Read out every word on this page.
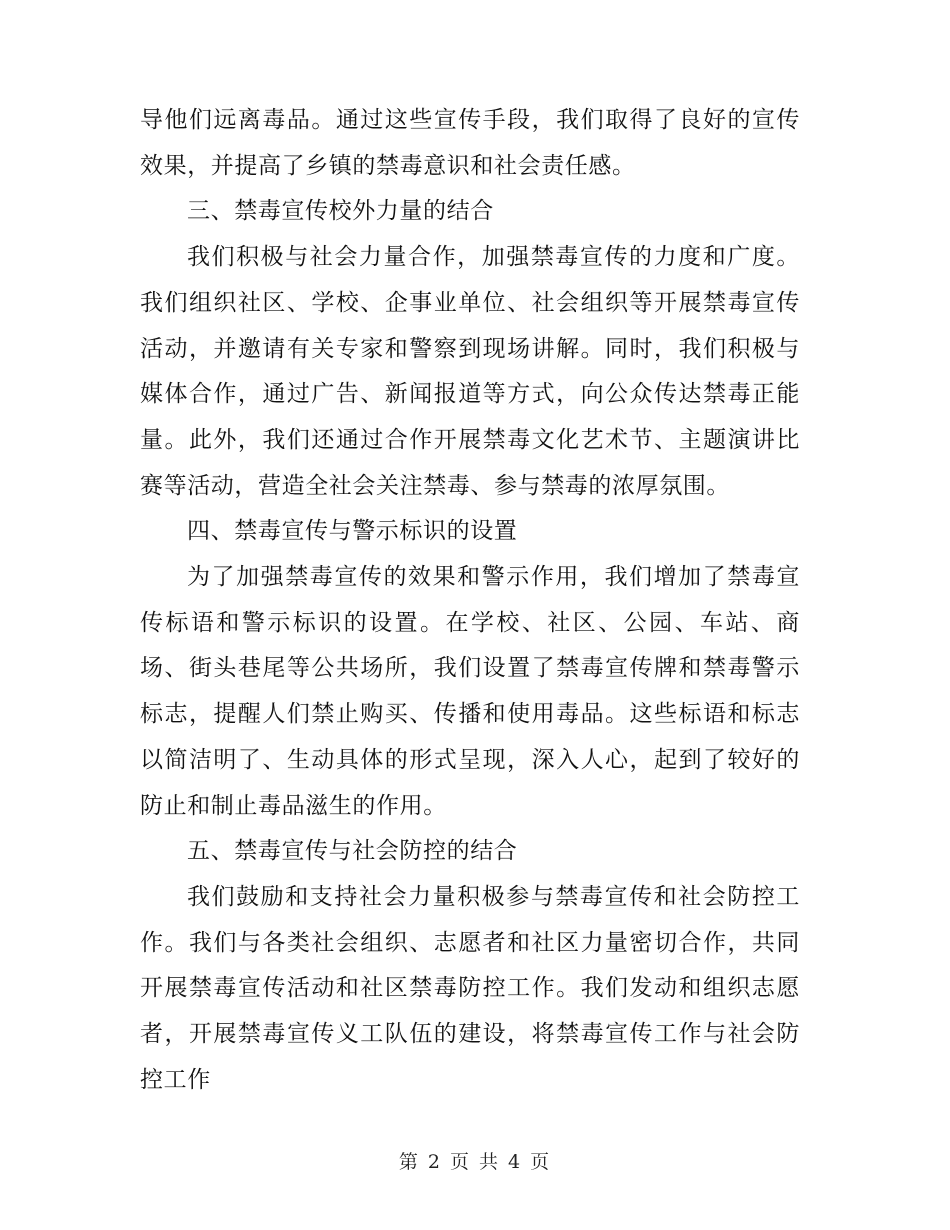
导他们远离毒品。通过这些宣传手段，我们取得了良好的宣传效果，并提高了乡镇的禁毒意识和社会责任感。

三、禁毒宣传校外力量的结合

我们积极与社会力量合作，加强禁毒宣传的力度和广度。我们组织社区、学校、企事业单位、社会组织等开展禁毒宣传活动，并邀请有关专家和警察到现场讲解。同时，我们积极与媒体合作，通过广告、新闻报道等方式，向公众传达禁毒正能量。此外，我们还通过合作开展禁毒文化艺术节、主题演讲比赛等活动，营造全社会关注禁毒、参与禁毒的浓厚氛围。

四、禁毒宣传与警示标识的设置

为了加强禁毒宣传的效果和警示作用，我们增加了禁毒宣传标语和警示标识的设置。在学校、社区、公园、车站、商场、街头巷尾等公共场所，我们设置了禁毒宣传牌和禁毒警示标志，提醒人们禁止购买、传播和使用毒品。这些标语和标志以简洁明了、生动具体的形式呈现，深入人心，起到了较好的防止和制止毒品滋生的作用。

五、禁毒宣传与社会防控的结合

我们鼓励和支持社会力量积极参与禁毒宣传和社会防控工作。我们与各类社会组织、志愿者和社区力量密切合作，共同开展禁毒宣传活动和社区禁毒防控工作。我们发动和组织志愿者，开展禁毒宣传义工队伍的建设，将禁毒宣传工作与社会防控工作

第 2 页 共 4 页
